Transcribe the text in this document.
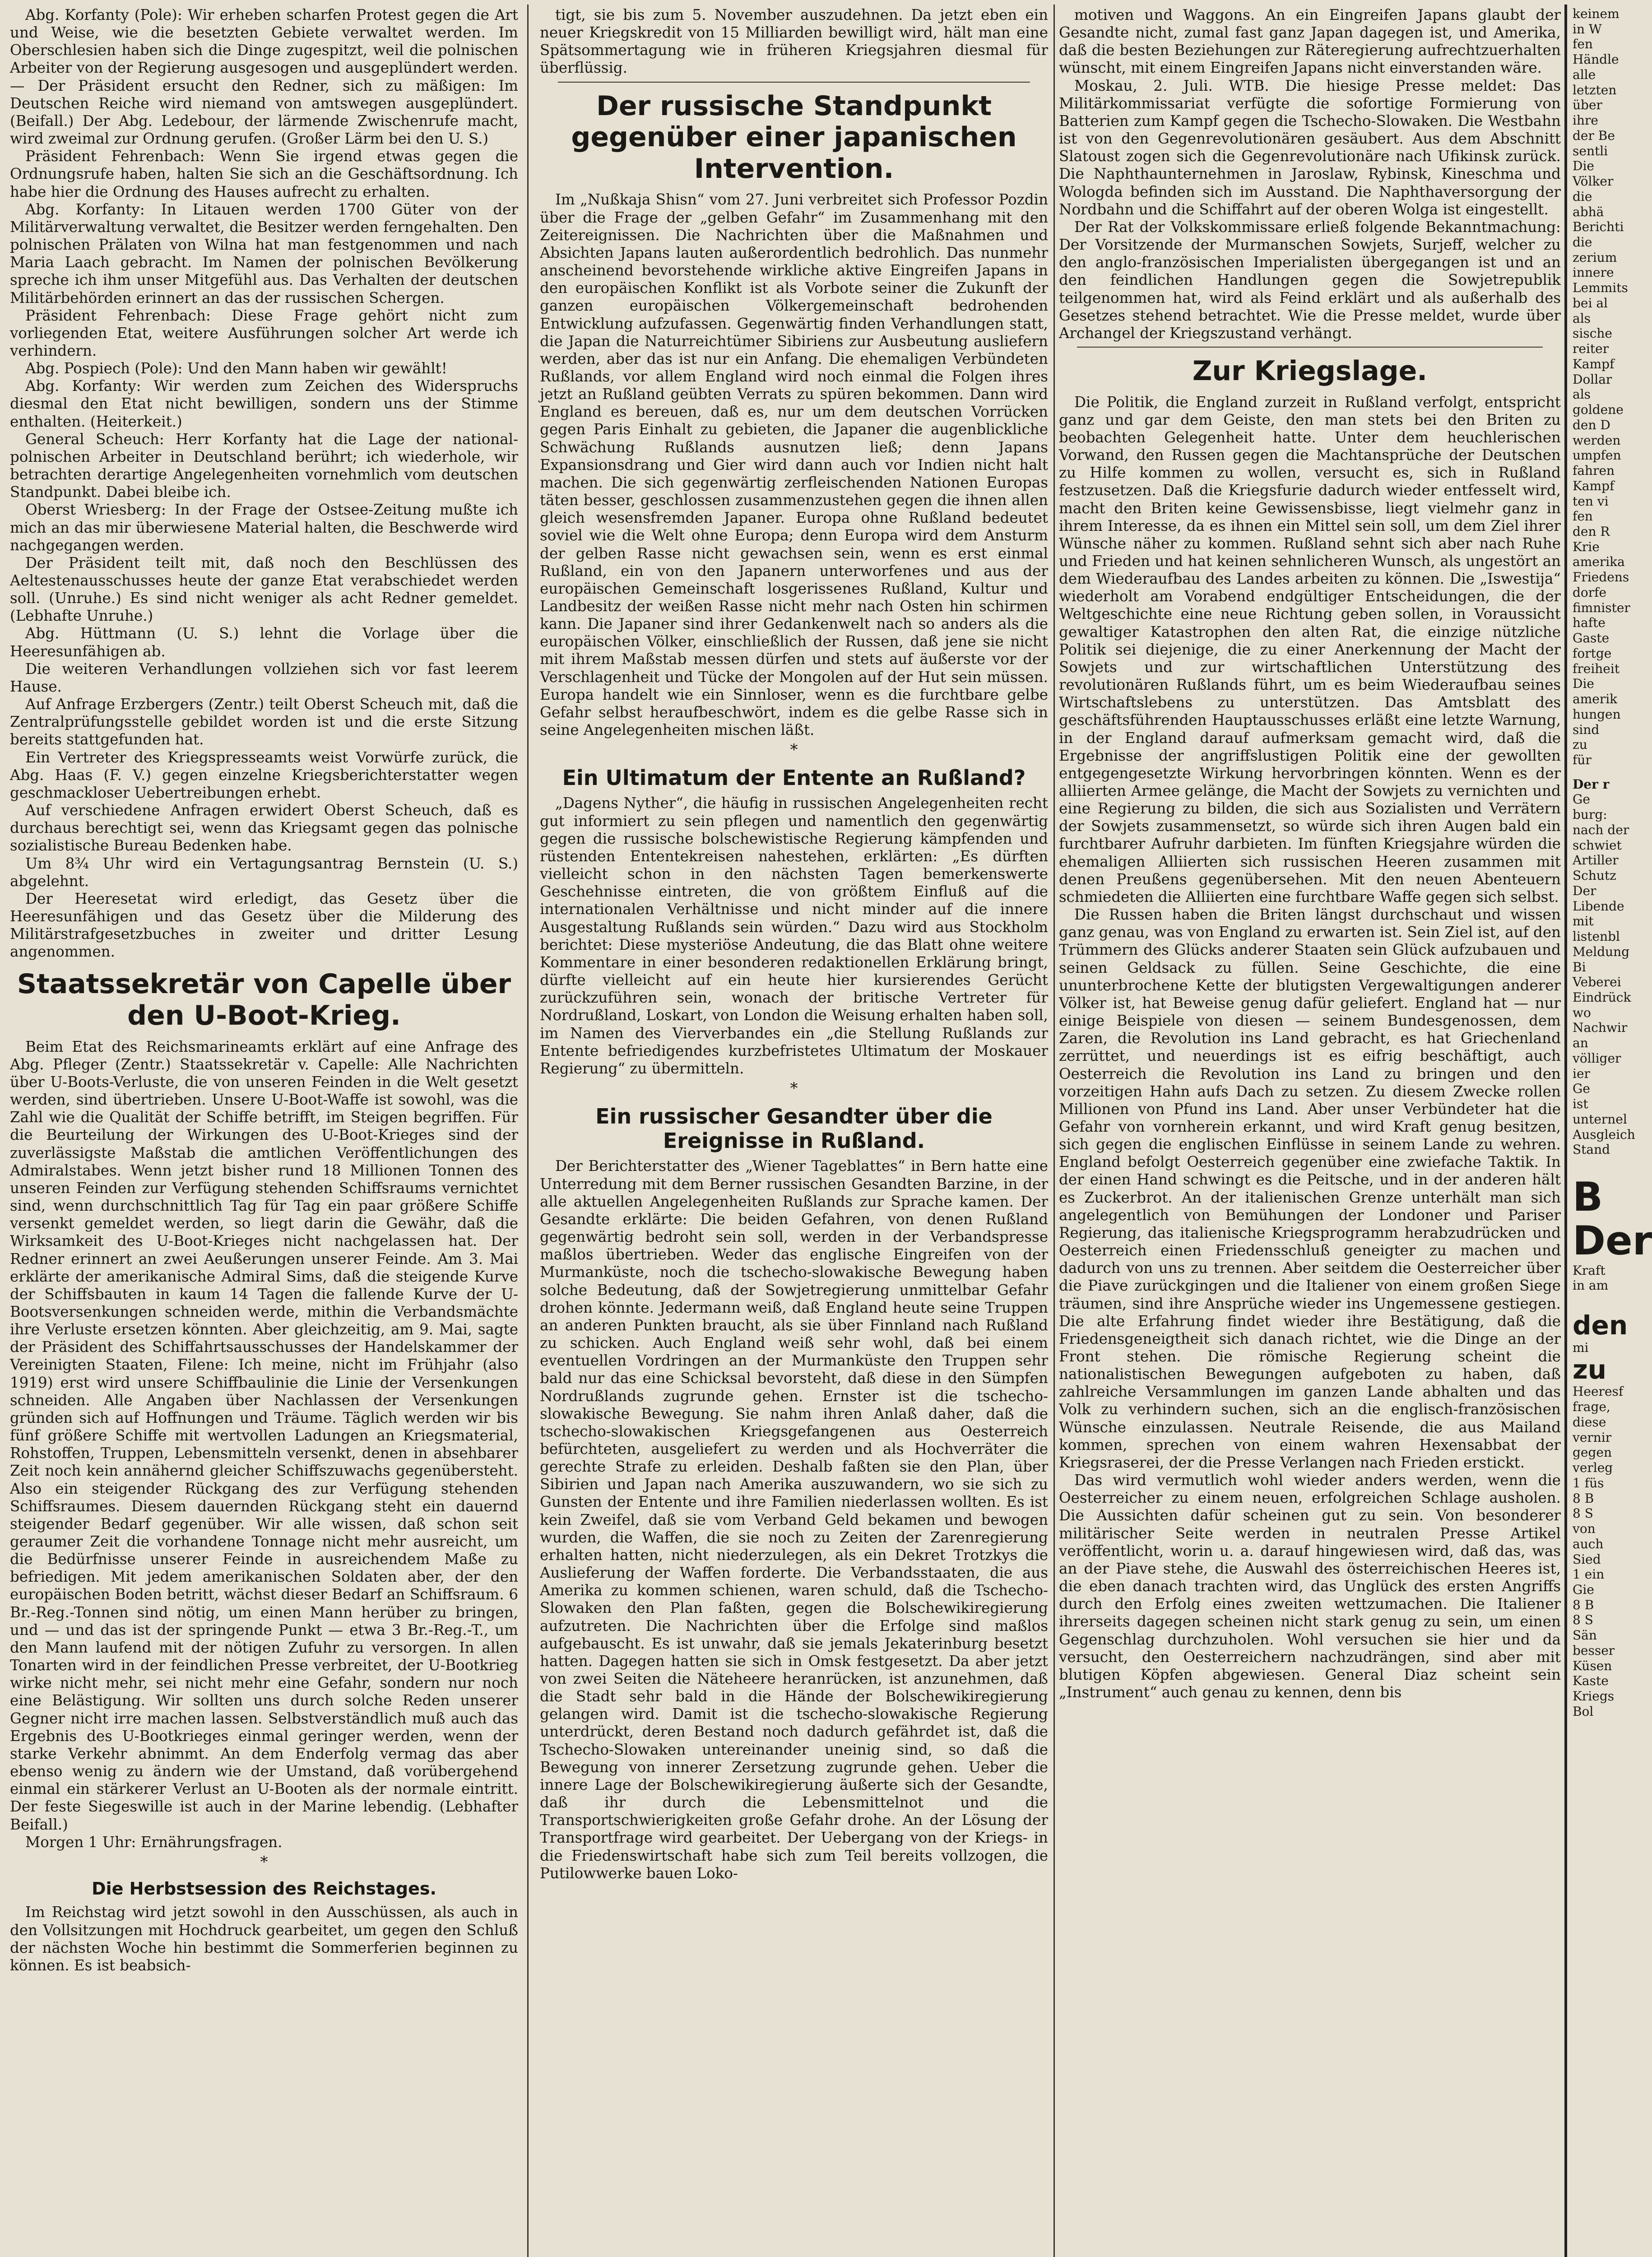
Abg. Korfanty (Pole): Wir erheben scharfen Protest gegen die Art und Weise, wie die besetzten Gebiete verwaltet werden. Im Oberschlesien haben sich die Dinge zugespitzt, weil die polnischen Arbeiter von der Regierung ausgesogen und ausgeplündert werden. — Der Präsident ersucht den Redner, sich zu mäßigen: Im Deutschen Reiche wird niemand von amtswegen ausgeplündert. (Beifall.) Der Abg. Ledebour, der lärmende Zwischenrufe macht, wird zweimal zur Ordnung gerufen. (Großer Lärm bei den U. S.)

Präsident Fehrenbach: Wenn Sie irgend etwas gegen die Ordnungsrufe haben, halten Sie sich an die Geschäftsordnung. Ich habe hier die Ordnung des Hauses aufrecht zu erhalten.

Abg. Korfanty: In Litauen werden 1700 Güter von der Militärverwaltung verwaltet, die Besitzer werden ferngehalten. Den polnischen Prälaten von Wilna hat man festgenommen und nach Maria Laach gebracht. Im Namen der polnischen Bevölkerung spreche ich ihm unser Mitgefühl aus. Das Verhalten der deutschen Militärbehörden erinnert an das der russischen Schergen.

Präsident Fehrenbach: Diese Frage gehört nicht zum vorliegenden Etat, weitere Ausführungen solcher Art werde ich verhindern.

Abg. Pospiech (Pole): Und den Mann haben wir gewählt!

Abg. Korfanty: Wir werden zum Zeichen des Widerspruchs diesmal den Etat nicht bewilligen, sondern uns der Stimme enthalten. (Heiterkeit.)

General Scheuch: Herr Korfanty hat die Lage der national-polnischen Arbeiter in Deutschland berührt; ich wiederhole, wir betrachten derartige Angelegenheiten vornehmlich vom deutschen Standpunkt. Dabei bleibe ich.

Oberst Wriesberg: In der Frage der Ostsee-Zeitung mußte ich mich an das mir überwiesene Material halten, die Beschwerde wird nachgegangen werden.

Der Präsident teilt mit, daß noch den Beschlüssen des Aeltestenausschusses heute der ganze Etat verabschiedet werden soll. (Unruhe.) Es sind nicht weniger als acht Redner gemeldet. (Lebhafte Unruhe.)

Abg. Hüttmann (U. S.) lehnt die Vorlage über die Heeresunfähigen ab.

Die weiteren Verhandlungen vollziehen sich vor fast leerem Hause.

Auf Anfrage Erzbergers (Zentr.) teilt Oberst Scheuch mit, daß die Zentralprüfungsstelle gebildet worden ist und die erste Sitzung bereits stattgefunden hat.

Ein Vertreter des Kriegspresseamts weist Vorwürfe zurück, die Abg. Haas (F. V.) gegen einzelne Kriegsberichterstatter wegen geschmackloser Uebertreibungen erhebt.

Auf verschiedene Anfragen erwidert Oberst Scheuch, daß es durchaus berechtigt sei, wenn das Kriegsamt gegen das polnische sozialistische Bureau Bedenken habe.

Um 8¾ Uhr wird ein Vertagungsantrag Bernstein (U. S.) abgelehnt.

Der Heeresetat wird erledigt, das Gesetz über die Heeresunfähigen und das Gesetz über die Milderung des Militärstrafgesetzbuches in zweiter und dritter Lesung angenommen.

Staatssekretär von Capelle über den U-Boot-Krieg.

Beim Etat des Reichsmarineamts erklärt auf eine Anfrage des Abg. Pfleger (Zentr.) Staatssekretär v. Capelle: Alle Nachrichten über U-Boots-Verluste, die von unseren Feinden in die Welt gesetzt werden, sind übertrieben. Unsere U-Boot-Waffe ist sowohl, was die Zahl wie die Qualität der Schiffe betrifft, im Steigen begriffen. Für die Beurteilung der Wirkungen des U-Boot-Krieges sind der zuverlässigste Maßstab die amtlichen Veröffentlichungen des Admiralstabes. Wenn jetzt bisher rund 18 Millionen Tonnen des unseren Feinden zur Verfügung stehenden Schiffsraums vernichtet sind, wenn durchschnittlich Tag für Tag ein paar größere Schiffe versenkt gemeldet werden, so liegt darin die Gewähr, daß die Wirksamkeit des U-Boot-Krieges nicht nachgelassen hat. Der Redner erinnert an zwei Aeußerungen unserer Feinde. Am 3. Mai erklärte der amerikanische Admiral Sims, daß die steigende Kurve der Schiffsbauten in kaum 14 Tagen die fallende Kurve der U-Bootsversenkungen schneiden werde, mithin die Verbandsmächte ihre Verluste ersetzen könnten. Aber gleichzeitig, am 9. Mai, sagte der Präsident des Schiffahrtsausschusses der Handelskammer der Vereinigten Staaten, Filene: Ich meine, nicht im Frühjahr (also 1919) erst wird unsere Schiffbaulinie die Linie der Versenkungen schneiden. Alle Angaben über Nachlassen der Versenkungen gründen sich auf Hoffnungen und Träume. Täglich werden wir bis fünf größere Schiffe mit wertvollen Ladungen an Kriegsmaterial, Rohstoffen, Truppen, Lebensmitteln versenkt, denen in absehbarer Zeit noch kein annähernd gleicher Schiffszuwachs gegenübersteht. Also ein steigender Rückgang des zur Verfügung stehenden Schiffsraumes. Diesem dauernden Rückgang steht ein dauernd steigender Bedarf gegenüber. Wir alle wissen, daß schon seit geraumer Zeit die vorhandene Tonnage nicht mehr ausreicht, um die Bedürfnisse unserer Feinde in ausreichendem Maße zu befriedigen. Mit jedem amerikanischen Soldaten aber, der den europäischen Boden betritt, wächst dieser Bedarf an Schiffsraum. 6 Br.-Reg.-Tonnen sind nötig, um einen Mann herüber zu bringen, und — und das ist der springende Punkt — etwa 3 Br.-Reg.-T., um den Mann laufend mit der nötigen Zufuhr zu versorgen. In allen Tonarten wird in der feindlichen Presse verbreitet, der U-Bootkrieg wirke nicht mehr, sei nicht mehr eine Gefahr, sondern nur noch eine Belästigung. Wir sollten uns durch solche Reden unserer Gegner nicht irre machen lassen. Selbstverständlich muß auch das Ergebnis des U-Bootkrieges einmal geringer werden, wenn der starke Verkehr abnimmt. An dem Enderfolg vermag das aber ebenso wenig zu ändern wie der Umstand, daß vorübergehend einmal ein stärkerer Verlust an U-Booten als der normale eintritt. Der feste Siegeswille ist auch in der Marine lebendig. (Lebhafter Beifall.)

Morgen 1 Uhr: Ernährungsfragen.

*
Die Herbstsession des Reichstages.

Im Reichstag wird jetzt sowohl in den Ausschüssen, als auch in den Vollsitzungen mit Hochdruck gearbeitet, um gegen den Schluß der nächsten Woche hin bestimmt die Sommerferien beginnen zu können. Es ist beabsich-

tigt, sie bis zum 5. November auszudehnen. Da jetzt eben ein neuer Kriegskredit von 15 Milliarden bewilligt wird, hält man eine Spätsommertagung wie in früheren Kriegsjahren diesmal für überflüssig.

Der russische Standpunkt gegenüber einer japanischen Intervention.

Im „Nußkaja Shisn“ vom 27. Juni verbreitet sich Professor Pozdin über die Frage der „gelben Gefahr“ im Zusammenhang mit den Zeitereignissen. Die Nachrichten über die Maßnahmen und Absichten Japans lauten außerordentlich bedrohlich. Das nunmehr anscheinend bevorstehende wirkliche aktive Eingreifen Japans in den europäischen Konflikt ist als Vorbote seiner die Zukunft der ganzen europäischen Völkergemeinschaft bedrohenden Entwicklung aufzufassen. Gegenwärtig finden Verhandlungen statt, die Japan die Naturreichtümer Sibiriens zur Ausbeutung ausliefern werden, aber das ist nur ein Anfang. Die ehemaligen Verbündeten Rußlands, vor allem England wird noch einmal die Folgen ihres jetzt an Rußland geübten Verrats zu spüren bekommen. Dann wird England es bereuen, daß es, nur um dem deutschen Vorrücken gegen Paris Einhalt zu gebieten, die Japaner die augenblickliche Schwächung Rußlands ausnutzen ließ; denn Japans Expansionsdrang und Gier wird dann auch vor Indien nicht halt machen. Die sich gegenwärtig zerfleischenden Nationen Europas täten besser, geschlossen zusammenzustehen gegen die ihnen allen gleich wesensfremden Japaner. Europa ohne Rußland bedeutet soviel wie die Welt ohne Europa; denn Europa wird dem Ansturm der gelben Rasse nicht gewachsen sein, wenn es erst einmal Rußland, ein von den Japanern unterworfenes und aus der europäischen Gemeinschaft losgerissenes Rußland, Kultur und Landbesitz der weißen Rasse nicht mehr nach Osten hin schirmen kann. Die Japaner sind ihrer Gedankenwelt nach so anders als die europäischen Völker, einschließlich der Russen, daß jene sie nicht mit ihrem Maßstab messen dürfen und stets auf äußerste vor der Verschlagenheit und Tücke der Mongolen auf der Hut sein müssen. Europa handelt wie ein Sinnloser, wenn es die furchtbare gelbe Gefahr selbst heraufbeschwört, indem es die gelbe Rasse sich in seine Angelegenheiten mischen läßt.

*
Ein Ultimatum der Entente an Rußland?

„Dagens Nyther“, die häufig in russischen Angelegenheiten recht gut informiert zu sein pflegen und namentlich den gegenwärtig gegen die russische bolschewistische Regierung kämpfenden und rüstenden Ententekreisen nahestehen, erklärten: „Es dürften vielleicht schon in den nächsten Tagen bemerkenswerte Geschehnisse eintreten, die von größtem Einfluß auf die internationalen Verhältnisse und nicht minder auf die innere Ausgestaltung Rußlands sein würden.“ Dazu wird aus Stockholm berichtet: Diese mysteriöse Andeutung, die das Blatt ohne weitere Kommentare in einer besonderen redaktionellen Erklärung bringt, dürfte vielleicht auf ein heute hier kursierendes Gerücht zurückzuführen sein, wonach der britische Vertreter für Nordrußland, Loskart, von London die Weisung erhalten haben soll, im Namen des Vierverbandes ein „die Stellung Rußlands zur Entente befriedigendes kurzbefristetes Ultimatum der Moskauer Regierung“ zu übermitteln.

*
Ein russischer Gesandter über die Ereignisse in Rußland.

Der Berichterstatter des „Wiener Tageblattes“ in Bern hatte eine Unterredung mit dem Berner russischen Gesandten Barzine, in der alle aktuellen Angelegenheiten Rußlands zur Sprache kamen. Der Gesandte erklärte: Die beiden Gefahren, von denen Rußland gegenwärtig bedroht sein soll, werden in der Verbandspresse maßlos übertrieben. Weder das englische Eingreifen von der Murmanküste, noch die tschecho-slowakische Bewegung haben solche Bedeutung, daß der Sowjetregierung unmittelbar Gefahr drohen könnte. Jedermann weiß, daß England heute seine Truppen an anderen Punkten braucht, als sie über Finnland nach Rußland zu schicken. Auch England weiß sehr wohl, daß bei einem eventuellen Vordringen an der Murmanküste den Truppen sehr bald nur das eine Schicksal bevorsteht, daß diese in den Sümpfen Nordrußlands zugrunde gehen. Ernster ist die tschecho-slowakische Bewegung. Sie nahm ihren Anlaß daher, daß die tschecho-slowakischen Kriegsgefangenen aus Oesterreich befürchteten, ausgeliefert zu werden und als Hochverräter die gerechte Strafe zu erleiden. Deshalb faßten sie den Plan, über Sibirien und Japan nach Amerika auszuwandern, wo sie sich zu Gunsten der Entente und ihre Familien niederlassen wollten. Es ist kein Zweifel, daß sie vom Verband Geld bekamen und bewogen wurden, die Waffen, die sie noch zu Zeiten der Zarenregierung erhalten hatten, nicht niederzulegen, als ein Dekret Trotzkys die Auslieferung der Waffen forderte. Die Verbandsstaaten, die aus Amerika zu kommen schienen, waren schuld, daß die Tschecho-Slowaken den Plan faßten, gegen die Bolschewikiregierung aufzutreten. Die Nachrichten über die Erfolge sind maßlos aufgebauscht. Es ist unwahr, daß sie jemals Jekaterinburg besetzt hatten. Dagegen hatten sie sich in Omsk festgesetzt. Da aber jetzt von zwei Seiten die Näteheere heranrücken, ist anzunehmen, daß die Stadt sehr bald in die Hände der Bolschewikiregierung gelangen wird. Damit ist die tschecho-slowakische Regierung unterdrückt, deren Bestand noch dadurch gefährdet ist, daß die Tschecho-Slowaken untereinander uneinig sind, so daß die Bewegung von innerer Zersetzung zugrunde gehen. Ueber die innere Lage der Bolschewikiregierung äußerte sich der Gesandte, daß ihr durch die Lebensmittelnot und die Transportschwierigkeiten große Gefahr drohe. An der Lösung der Transportfrage wird gearbeitet. Der Uebergang von der Kriegs- in die Friedenswirtschaft habe sich zum Teil bereits vollzogen, die Putilowwerke bauen Loko-

motiven und Waggons. An ein Eingreifen Japans glaubt der Gesandte nicht, zumal fast ganz Japan dagegen ist, und Amerika, daß die besten Beziehungen zur Räteregierung aufrechtzuerhalten wünscht, mit einem Eingreifen Japans nicht einverstanden wäre.

Moskau, 2. Juli. WTB. Die hiesige Presse meldet: Das Militärkommissariat verfügte die sofortige Formierung von Batterien zum Kampf gegen die Tschecho-Slowaken. Die Westbahn ist von den Gegenrevolutionären gesäubert. Aus dem Abschnitt Slatoust zogen sich die Gegenrevolutionäre nach Ufikinsk zurück. Die Naphthaunternehmen in Jaroslaw, Rybinsk, Kineschma und Wologda befinden sich im Ausstand. Die Naphthaversorgung der Nordbahn und die Schiffahrt auf der oberen Wolga ist eingestellt.

Der Rat der Volkskommissare erließ folgende Bekanntmachung: Der Vorsitzende der Murmanschen Sowjets, Surjeff, welcher zu den anglo-französischen Imperialisten übergegangen ist und an den feindlichen Handlungen gegen die Sowjetrepublik teilgenommen hat, wird als Feind erklärt und als außerhalb des Gesetzes stehend betrachtet. Wie die Presse meldet, wurde über Archangel der Kriegszustand verhängt.

Zur Kriegslage.

Die Politik, die England zurzeit in Rußland verfolgt, entspricht ganz und gar dem Geiste, den man stets bei den Briten zu beobachten Gelegenheit hatte. Unter dem heuchlerischen Vorwand, den Russen gegen die Machtansprüche der Deutschen zu Hilfe kommen zu wollen, versucht es, sich in Rußland festzusetzen. Daß die Kriegsfurie dadurch wieder entfesselt wird, macht den Briten keine Gewissensbisse, liegt vielmehr ganz in ihrem Interesse, da es ihnen ein Mittel sein soll, um dem Ziel ihrer Wünsche näher zu kommen. Rußland sehnt sich aber nach Ruhe und Frieden und hat keinen sehnlicheren Wunsch, als ungestört an dem Wiederaufbau des Landes arbeiten zu können. Die „Iswestija“ wiederholt am Vorabend endgültiger Entscheidungen, die der Weltgeschichte eine neue Richtung geben sollen, in Voraussicht gewaltiger Katastrophen den alten Rat, die einzige nützliche Politik sei diejenige, die zu einer Anerkennung der Macht der Sowjets und zur wirtschaftlichen Unterstützung des revolutionären Rußlands führt, um es beim Wiederaufbau seines Wirtschaftslebens zu unterstützen. Das Amtsblatt des geschäftsführenden Hauptausschusses erläßt eine letzte Warnung, in der England darauf aufmerksam gemacht wird, daß die Ergebnisse der angriffslustigen Politik eine der gewollten entgegengesetzte Wirkung hervorbringen könnten. Wenn es der alliierten Armee gelänge, die Macht der Sowjets zu vernichten und eine Regierung zu bilden, die sich aus Sozialisten und Verrätern der Sowjets zusammensetzt, so würde sich ihren Augen bald ein furchtbarer Aufruhr darbieten. Im fünften Kriegsjahre würden die ehemaligen Alliierten sich russischen Heeren zusammen mit denen Preußens gegenübersehen. Mit den neuen Abenteuern schmiedeten die Alliierten eine furchtbare Waffe gegen sich selbst.

Die Russen haben die Briten längst durchschaut und wissen ganz genau, was von England zu erwarten ist. Sein Ziel ist, auf den Trümmern des Glücks anderer Staaten sein Glück aufzubauen und seinen Geldsack zu füllen. Seine Geschichte, die eine ununterbrochene Kette der blutigsten Vergewaltigungen anderer Völker ist, hat Beweise genug dafür geliefert. England hat — nur einige Beispiele von diesen — seinem Bundesgenossen, dem Zaren, die Revolution ins Land gebracht, es hat Griechenland zerrüttet, und neuerdings ist es eifrig beschäftigt, auch Oesterreich die Revolution ins Land zu bringen und den vorzeitigen Hahn aufs Dach zu setzen. Zu diesem Zwecke rollen Millionen von Pfund ins Land. Aber unser Verbündeter hat die Gefahr von vornherein erkannt, und wird Kraft genug besitzen, sich gegen die englischen Einflüsse in seinem Lande zu wehren. England befolgt Oesterreich gegenüber eine zwiefache Taktik. In der einen Hand schwingt es die Peitsche, und in der anderen hält es Zuckerbrot. An der italienischen Grenze unterhält man sich angelegentlich von Bemühungen der Londoner und Pariser Regierung, das italienische Kriegsprogramm herabzudrücken und Oesterreich einen Friedensschluß geneigter zu machen und dadurch von uns zu trennen. Aber seitdem die Oesterreicher über die Piave zurückgingen und die Italiener von einem großen Siege träumen, sind ihre Ansprüche wieder ins Ungemessene gestiegen. Die alte Erfahrung findet wieder ihre Bestätigung, daß die Friedensgeneigtheit sich danach richtet, wie die Dinge an der Front stehen. Die römische Regierung scheint die nationalistischen Bewegungen aufgeboten zu haben, daß zahlreiche Versammlungen im ganzen Lande abhalten und das Volk zu verhindern suchen, sich an die englisch-französischen Wünsche einzulassen. Neutrale Reisende, die aus Mailand kommen, sprechen von einem wahren Hexensabbat der Kriegsraserei, der die Presse Verlangen nach Frieden erstickt.

Das wird vermutlich wohl wieder anders werden, wenn die Oesterreicher zu einem neuen, erfolgreichen Schlage ausholen. Die Aussichten dafür scheinen gut zu sein. Von besonderer militärischer Seite werden in neutralen Presse Artikel veröffentlicht, worin u. a. darauf hingewiesen wird, daß das, was an der Piave stehe, die Auswahl des österreichischen Heeres ist, die eben danach trachten wird, das Unglück des ersten Angriffs durch den Erfolg eines zweiten wettzumachen. Die Italiener ihrerseits dagegen scheinen nicht stark genug zu sein, um einen Gegenschlag durchzuholen. Wohl versuchen sie hier und da versucht, den Oesterreichern nachzudrängen, sind aber mit blutigen Köpfen abgewiesen. General Diaz scheint sein „Instrument“ auch genau zu kennen, denn bis

keinem

in W

fen

Händle

alle

letzten

über

ihre

der Be

sentli

Die

Völker

die

abhä

Berichti

die

zerium

innere

Lemmits

bei al

als

sische

reiter

Kampf

Dollar

als

goldene

den D

werden

umpfen

fahren

Kampf

ten vi

fen

den R

Krie

amerika

Friedens

dorfe

fimnister

hafte

Gaste

fortge

freiheit

Die

amerik

hungen

sind

zu

für

Der r

Ge

burg:

nach der

schwiet

Artiller

Schutz

Der

Libende

mit

listenbl

Meldung

Bi

Veberei

Eindrück

wo

Nachwir

an

völliger

ier

Ge

ist

unternel

Ausgleich

Stand

B

Der

Kraft

in am

den

mi

zu

Heeresf

frage,

diese

vernir

gegen

verleg

1 füs

8 B

8 S

von

auch

Sied

1 ein

Gie

8 B

8 S

Sän

besser

Küsen

Kaste

Kriegs

Bol
